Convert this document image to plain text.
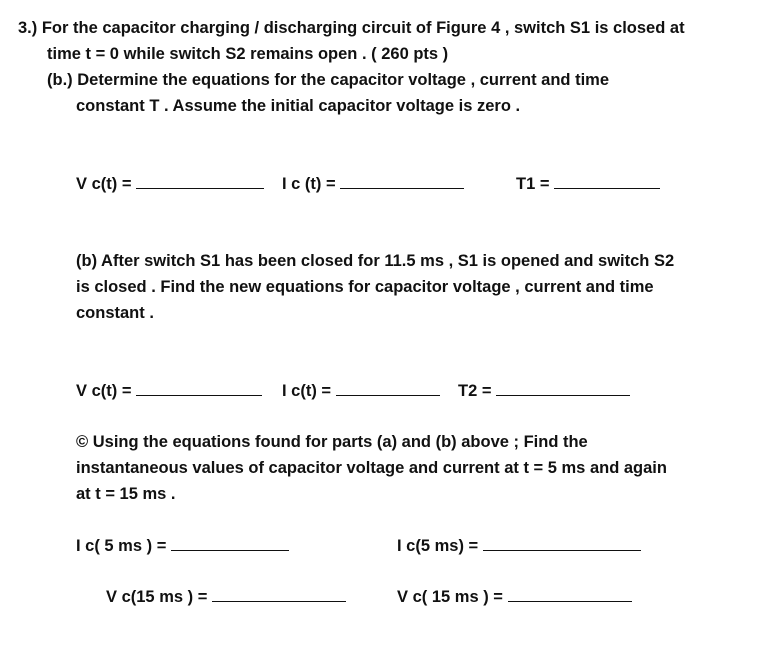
3.) For the capacitor charging / discharging circuit of Figure 4 , switch S1 is closed at
time t = 0 while switch S2 remains open . ( 260 pts )
(b.) Determine the equations for the capacitor voltage , current and time
constant T . Assume the initial capacitor voltage is zero .
V c(t) =	I c (t) =	T1 =
(b) After switch S1 has been closed for 11.5 ms , S1 is opened and switch S2
is closed . Find the new equations for capacitor voltage , current and time
constant .
V c(t) =	I c(t) =	T2 =
© Using the equations found for parts (a) and (b) above ; Find the
instantaneous values of capacitor voltage and current at t = 5 ms and again
at t = 15 ms .
I c( 5 ms ) =	I c(5 ms) =
V c(15 ms ) =	V c( 15 ms ) =
